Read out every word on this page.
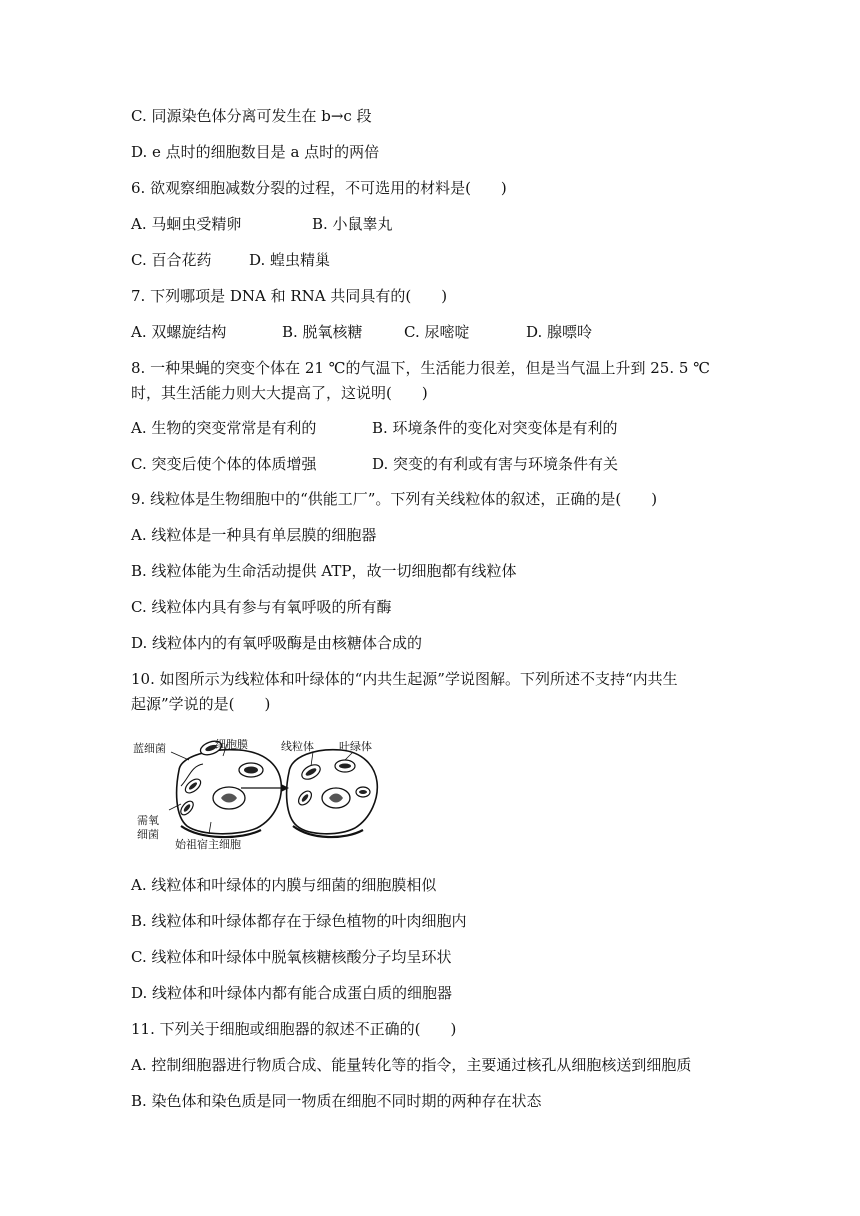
C. 同源染色体分离可发生在 b→c 段
D. e 点时的细胞数目是 a 点时的两倍
6. 欲观察细胞减数分裂的过程，不可选用的材料是(　　)
A. 马蛔虫受精卵	B. 小鼠睾丸
C. 百合花药	D. 蝗虫精巢
7. 下列哪项是 DNA 和 RNA 共同具有的(　　)
A. 双螺旋结构	B. 脱氧核糖	C. 尿嘧啶	D. 腺嘌呤
8. 一种果蝇的突变个体在 21 ℃的气温下，生活能力很差，但是当气温上升到 25. 5 ℃
时，其生活能力则大大提高了，这说明(　　)
A. 生物的突变常常是有利的	B. 环境条件的变化对突变体是有利的
C. 突变后使个体的体质增强	D. 突变的有利或有害与环境条件有关
9. 线粒体是生物细胞中的“供能工厂”。下列有关线粒体的叙述，正确的是(　　)
A. 线粒体是一种具有单层膜的细胞器
B. 线粒体能为生命活动提供 ATP，故一切细胞都有线粒体
C. 线粒体内具有参与有氧呼吸的所有酶
D. 线粒体内的有氧呼吸酶是由核糖体合成的
10. 如图所示为线粒体和叶绿体的“内共生起源”学说图解。下列所述不支持“内共生
起源”学说的是(　　)
蓝细菌	细胞膜	线粒体 叶绿体
需氧
细菌
始祖宿主细胞
A. 线粒体和叶绿体的内膜与细菌的细胞膜相似
B. 线粒体和叶绿体都存在于绿色植物的叶肉细胞内
C. 线粒体和叶绿体中脱氧核糖核酸分子均呈环状
D. 线粒体和叶绿体内都有能合成蛋白质的细胞器
11. 下列关于细胞或细胞器的叙述不正确的(　　)
A. 控制细胞器进行物质合成、能量转化等的指令，主要通过核孔从细胞核送到细胞质
B. 染色体和染色质是同一物质在细胞不同时期的两种存在状态
